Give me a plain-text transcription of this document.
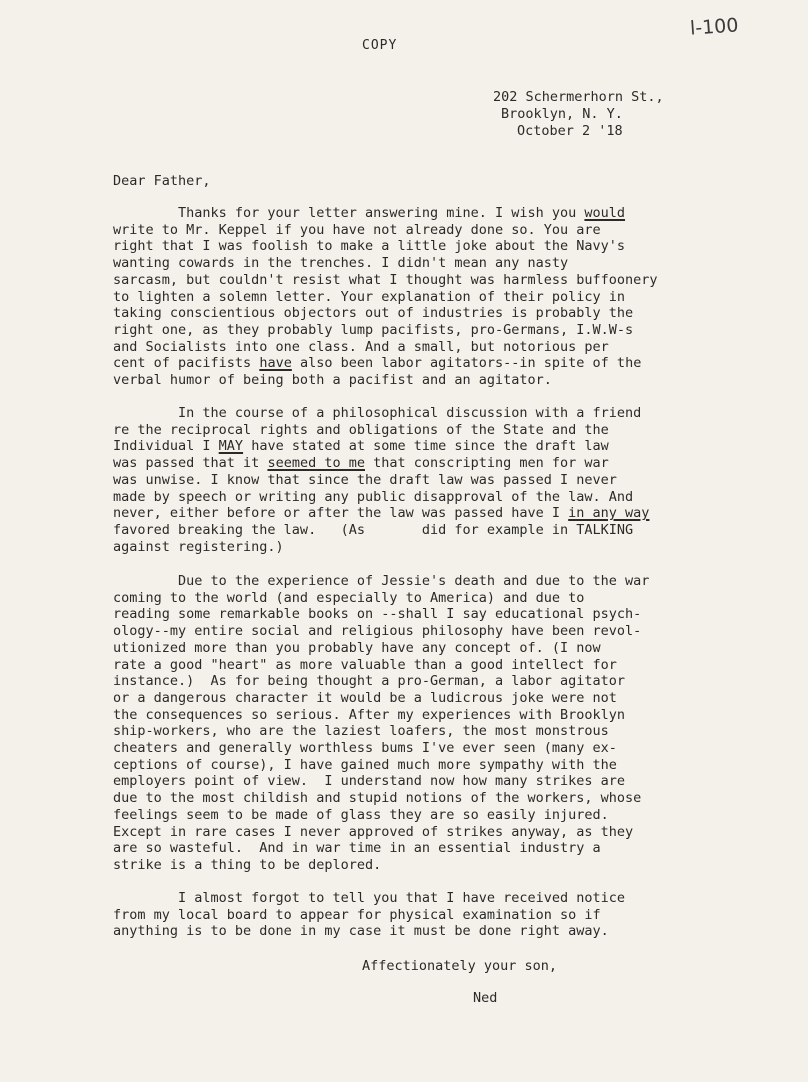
l-100
COPY
202 Schermerhorn St.,
Brooklyn, N. Y.
October 2 '18
Dear Father,
Thanks for your letter answering mine. I wish you would
write to Mr. Keppel if you have not already done so. You are
right that I was foolish to make a little joke about the Navy's
wanting cowards in the trenches. I didn't mean any nasty
sarcasm, but couldn't resist what I thought was harmless buffoonery
to lighten a solemn letter. Your explanation of their policy in
taking conscientious objectors out of industries is probably the
right one, as they probably lump pacifists, pro-Germans, I.W.W-s
and Socialists into one class. And a small, but notorious per
cent of pacifists have also been labor agitators--in spite of the
verbal humor of being both a pacifist and an agitator.
In the course of a philosophical discussion with a friend
re the reciprocal rights and obligations of the State and the
Individual I MAY have stated at some time since the draft law
was passed that it seemed to me that conscripting men for war
was unwise. I know that since the draft law was passed I never
made by speech or writing any public disapproval of the law. And
never, either before or after the law was passed have I in any way
favored breaking the law.   (As       did for example in TALKING
against registering.)
Due to the experience of Jessie's death and due to the war
coming to the world (and especially to America) and due to
reading some remarkable books on --shall I say educational psych-
ology--my entire social and religious philosophy have been revol-
utionized more than you probably have any concept of. (I now
rate a good "heart" as more valuable than a good intellect for
instance.)  As for being thought a pro-German, a labor agitator
or a dangerous character it would be a ludicrous joke were not
the consequences so serious. After my experiences with Brooklyn
ship-workers, who are the laziest loafers, the most monstrous
cheaters and generally worthless bums I've ever seen (many ex-
ceptions of course), I have gained much more sympathy with the
employers point of view.  I understand now how many strikes are
due to the most childish and stupid notions of the workers, whose
feelings seem to be made of glass they are so easily injured.
Except in rare cases I never approved of strikes anyway, as they
are so wasteful.  And in war time in an essential industry a
strike is a thing to be deplored.
I almost forgot to tell you that I have received notice
from my local board to appear for physical examination so if
anything is to be done in my case it must be done right away.
Affectionately your son,
Ned
